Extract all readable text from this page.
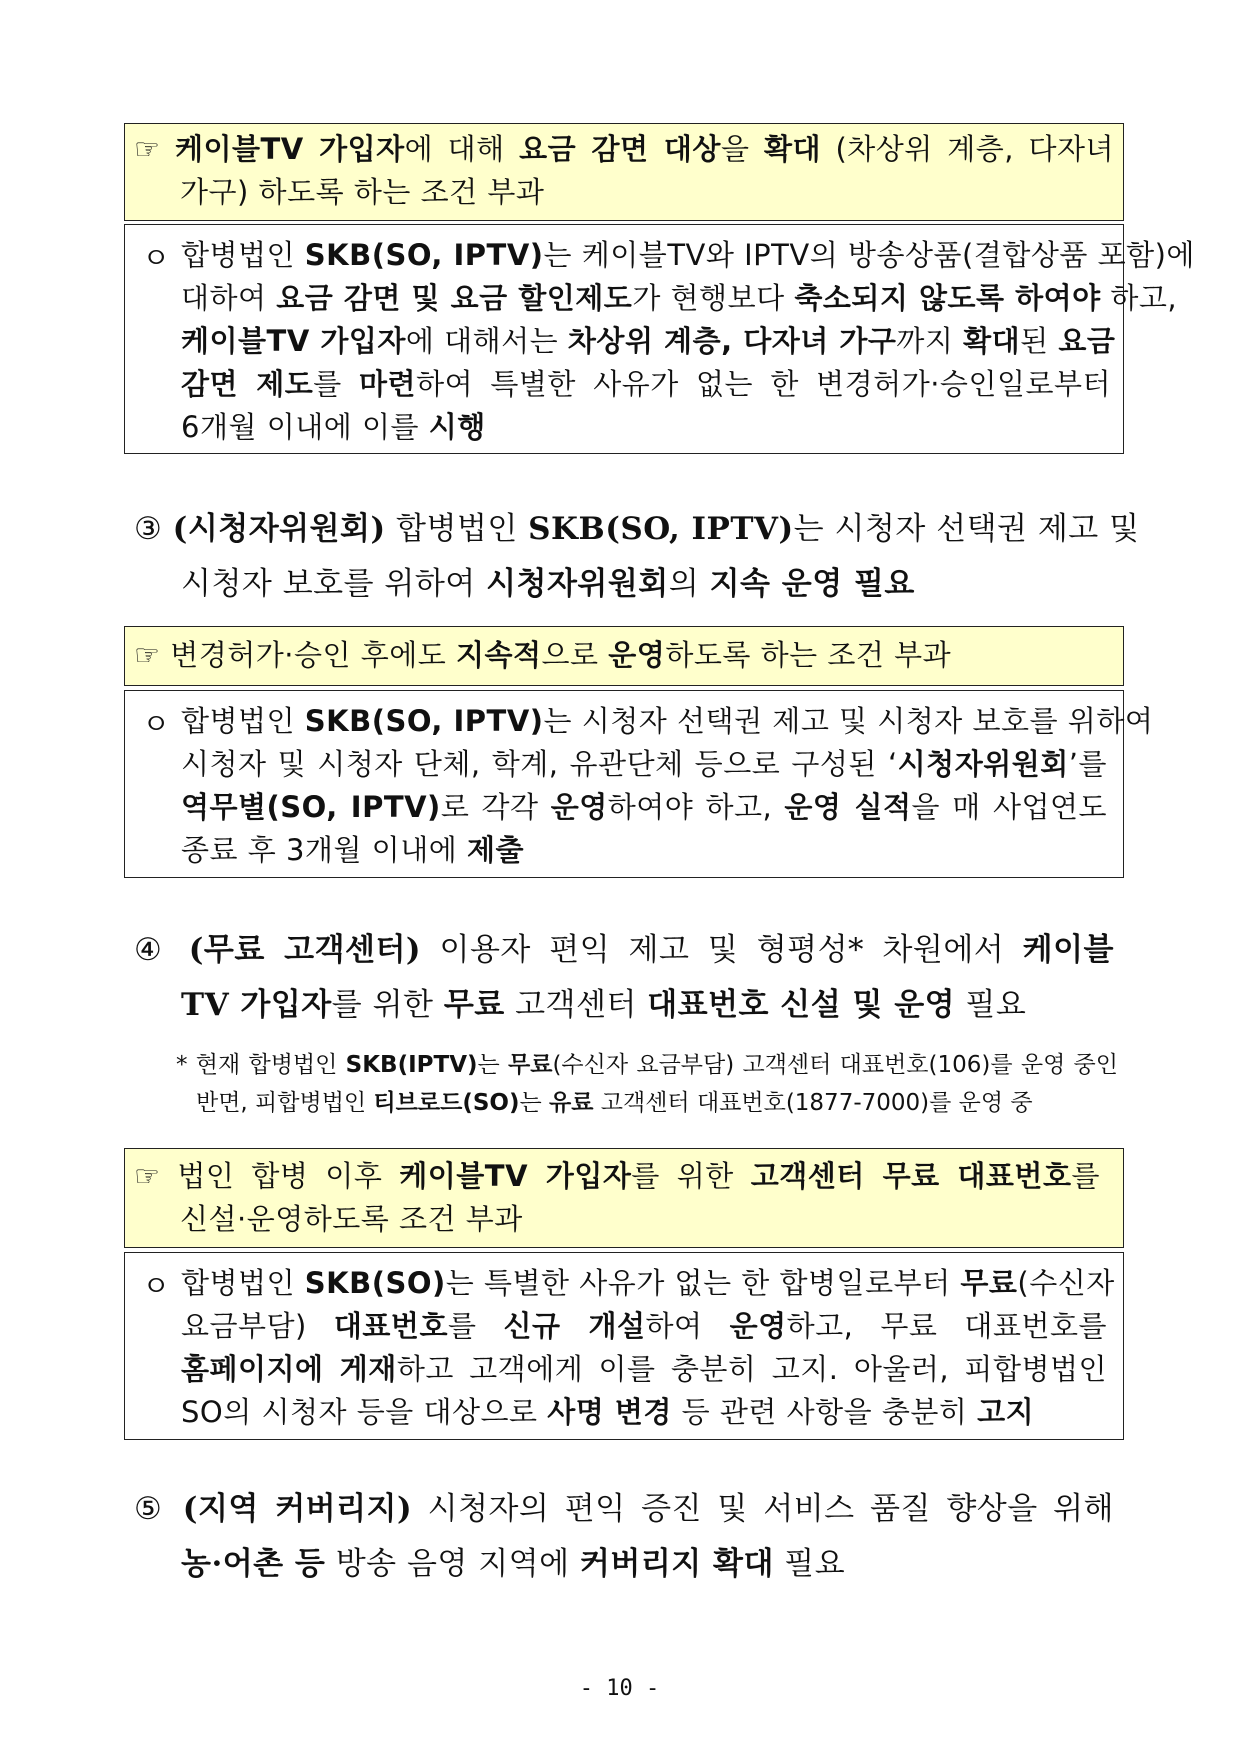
☞ 케이블TV 가입자에 대해 요금 감면 대상을 확대 (차상위 계층, 다자녀
가구) 하도록 하는 조건 부과
ㅇ 합병법인 SKB(SO, IPTV)는 케이블TV와 IPTV의 방송상품(결합상품 포함)에
대하여 요금 감면 및 요금 할인제도가 현행보다 축소되지 않도록 하여야 하고,
케이블TV 가입자에 대해서는 차상위 계층, 다자녀 가구까지 확대된 요금
감면 제도를 마련하여 특별한 사유가 없는 한 변경허가·승인일로부터
6개월 이내에 이를 시행
③ (시청자위원회) 합병법인 SKB(SO, IPTV)는 시청자 선택권 제고 및
시청자 보호를 위하여 시청자위원회의 지속 운영 필요
☞ 변경허가·승인 후에도 지속적으로 운영하도록 하는 조건 부과
ㅇ 합병법인 SKB(SO, IPTV)는 시청자 선택권 제고 및 시청자 보호를 위하여
시청자 및 시청자 단체, 학계, 유관단체 등으로 구성된 ‘시청자위원회’를
역무별(SO, IPTV)로 각각 운영하여야 하고, 운영 실적을 매 사업연도
종료 후 3개월 이내에 제출
④ (무료 고객센터) 이용자 편익 제고 및 형평성* 차원에서 케이블
TV 가입자를 위한 무료 고객센터 대표번호 신설 및 운영 필요
* 현재 합병법인 SKB(IPTV)는 무료(수신자 요금부담) 고객센터 대표번호(106)를 운영 중인
반면, 피합병법인 티브로드(SO)는 유료 고객센터 대표번호(1877-7000)를 운영 중
☞ 법인 합병 이후 케이블TV 가입자를 위한 고객센터 무료 대표번호를
신설·운영하도록 조건 부과
ㅇ 합병법인 SKB(SO)는 특별한 사유가 없는 한 합병일로부터 무료(수신자
요금부담) 대표번호를 신규 개설하여 운영하고, 무료 대표번호를
홈페이지에 게재하고 고객에게 이를 충분히 고지. 아울러, 피합병법인
SO의 시청자 등을 대상으로 사명 변경 등 관련 사항을 충분히 고지
⑤ (지역 커버리지) 시청자의 편익 증진 및 서비스 품질 향상을 위해
농·어촌 등 방송 음영 지역에 커버리지 확대 필요
- 10 -
